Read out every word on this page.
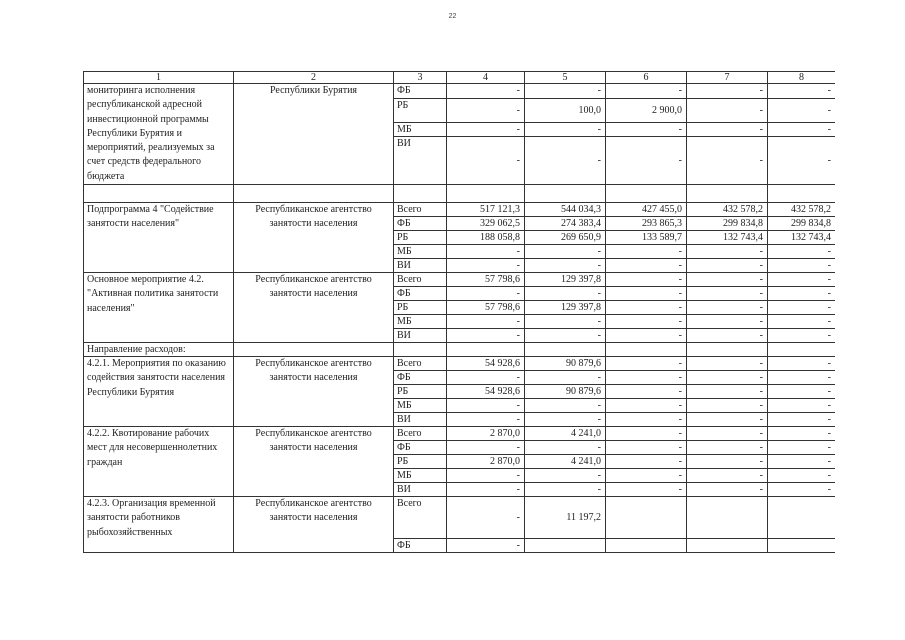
22
1	2	3	4	5	6	7	8
мониторинга исполнения республиканской адресной инвестиционной программы Республики Бурятия и мероприятий, реализуемых за счет средств федерального бюджета	Республики Бурятия	ФБ	-	-	-	-	-
		РБ	-	100,0	2 900,0	-	-
		МБ	-	-	-	-	-
		ВИ	-	-	-	-	-

Подпрограмма 4 "Содействие занятости населения"	Республиканское агентство занятости населения	Всего	517 121,3	544 034,3	427 455,0	432 578,2	432 578,2
		ФБ	329 062,5	274 383,4	293 865,3	299 834,8	299 834,8
		РБ	188 058,8	269 650,9	133 589,7	132 743,4	132 743,4
		МБ	-	-	-	-	-
		ВИ	-	-	-	-	-
Основное мероприятие 4.2. "Активная политика занятости населения"	Республиканское агентство занятости населения	Всего	57 798,6	129 397,8	-	-	-
		ФБ	-	-	-	-	-
		РБ	57 798,6	129 397,8	-	-	-
		МБ	-	-	-	-	-
		ВИ	-	-	-	-	-
Направление расходов:							
4.2.1. Мероприятия по оказанию содействия занятости населения Республики Бурятия	Республиканское агентство занятости населения	Всего	54 928,6	90 879,6	-	-	-
		ФБ	-	-	-	-	-
		РБ	54 928,6	90 879,6	-	-	-
		МБ	-	-	-	-	-
		ВИ	-	-	-	-	-
4.2.2. Квотирование рабочих мест для несовершеннолетних граждан	Республиканское агентство занятости населения	Всего	2 870,0	4 241,0	-	-	-
		ФБ	-	-	-	-	-
		РБ	2 870,0	4 241,0	-	-	-
		МБ	-	-	-	-	-
		ВИ	-	-	-	-	-
4.2.3. Организация временной занятости работников рыбохозяйственных	Республиканское агентство занятости населения	Всего	-	11 197,2			
		ФБ	-				
